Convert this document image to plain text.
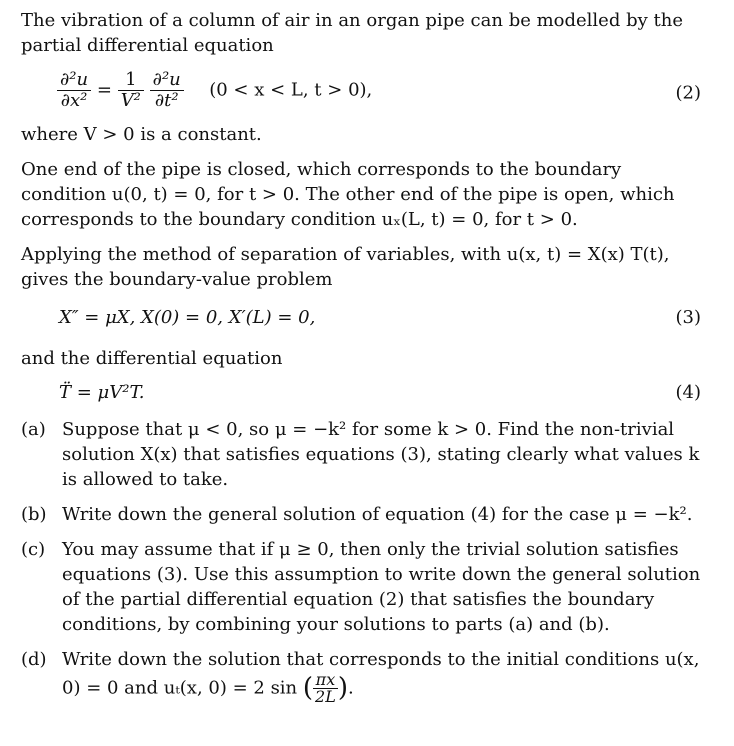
The vibration of a column of air in an organ pipe can be modelled by the partial differential equation

$\frac{\text{∂²u}}{\text{∂x²}} = \frac{1}{\text{V²}}$
$\frac{\text{∂²u}}{\text{∂t²}} (0 < x < L$, t > 0),	(2)

where V > 0 is a constant.

One end of the pipe is closed, which corresponds to the boundary condition u(0, t) = 0, for t > 0. The other end of the pipe is open, which corresponds to the boundary condition uₓ(L, t) = 0, for t > 0.

Applying the method of separation of variables, with u(x, t) = X(x) T(t), gives the boundary-value problem

X″ = μX, X(0) = 0, X′(L) = 0,	(3)

and the differential equation

T̈ = μV²T.	(4)
(a) Suppose that μ < 0, so μ = −k² for some k > 0. Find the non-trivial solution X(x) that satisfies equations (3), stating clearly what values k is allowed to take.
(b) Write down the general solution of equation (4) for the case μ = −k².
(c) You may assume that if μ ≥ 0, then only the trivial solution satisfies equations (3). Use this assumption to write down the general solution of the partial differential equation (2) that satisfies the boundary conditions, by combining your solutions to parts (a) and (b).
(d) Write down the solution that corresponds to the initial conditions u(x, 0) = 0 and uₜ(x, 0) = 2 sin ( $\frac{\pi x}{2L}$ ).
